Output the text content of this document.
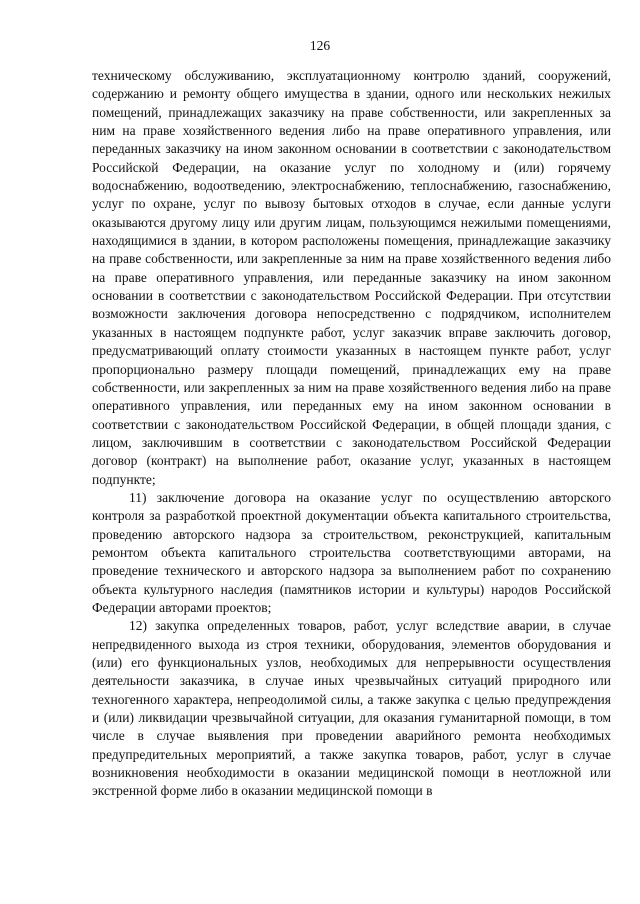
126

техническому обслуживанию, эксплуатационному контролю зданий, сооружений, содержанию и ремонту общего имущества в здании, одного или нескольких нежилых помещений, принадлежащих заказчику на праве собственности, или закрепленных за ним на праве хозяйственного ведения либо на праве оперативного управления, или переданных заказчику на ином законном основании в соответствии с законодательством Российской Федерации, на оказание услуг по холодному и (или) горячему водоснабжению, водоотведению, электроснабжению, теплоснабжению, газоснабжению, услуг по охране, услуг по вывозу бытовых отходов в случае, если данные услуги оказываются другому лицу или другим лицам, пользующимся нежилыми помещениями, находящимися в здании, в котором расположены помещения, принадлежащие заказчику на праве собственности, или закрепленные за ним на праве хозяйственного ведения либо на праве оперативного управления, или переданные заказчику на ином законном основании в соответствии с законодательством Российской Федерации. При отсутствии возможности заключения договора непосредственно с подрядчиком, исполнителем указанных в настоящем подпункте работ, услуг заказчик вправе заключить договор, предусматривающий оплату стоимости указанных в настоящем пункте работ, услуг пропорционально размеру площади помещений, принадлежащих ему на праве собственности, или закрепленных за ним на праве хозяйственного ведения либо на праве оперативного управления, или переданных ему на ином законном основании в соответствии с законодательством Российской Федерации, в общей площади здания, с лицом, заключившим в соответствии с законодательством Российской Федерации договор (контракт) на выполнение работ, оказание услуг, указанных в настоящем подпункте;

11) заключение договора на оказание услуг по осуществлению авторского контроля за разработкой проектной документации объекта капитального строительства, проведению авторского надзора за строительством, реконструкцией, капитальным ремонтом объекта капитального строительства соответствующими авторами, на проведение технического и авторского надзора за выполнением работ по сохранению объекта культурного наследия (памятников истории и культуры) народов Российской Федерации авторами проектов;

12) закупка определенных товаров, работ, услуг вследствие аварии, в случае непредвиденного выхода из строя техники, оборудования, элементов оборудования и (или) его функциональных узлов, необходимых для непрерывности осуществления деятельности заказчика, в случае иных чрезвычайных ситуаций природного или техногенного характера, непреодолимой силы, а также закупка с целью предупреждения и (или) ликвидации чрезвычайной ситуации, для оказания гуманитарной помощи, в том числе в случае выявления при проведении аварийного ремонта необходимых предупредительных мероприятий, а также закупка товаров, работ, услуг в случае возникновения необходимости в оказании медицинской помощи в неотложной или экстренной форме либо в оказании медицинской помощи в
